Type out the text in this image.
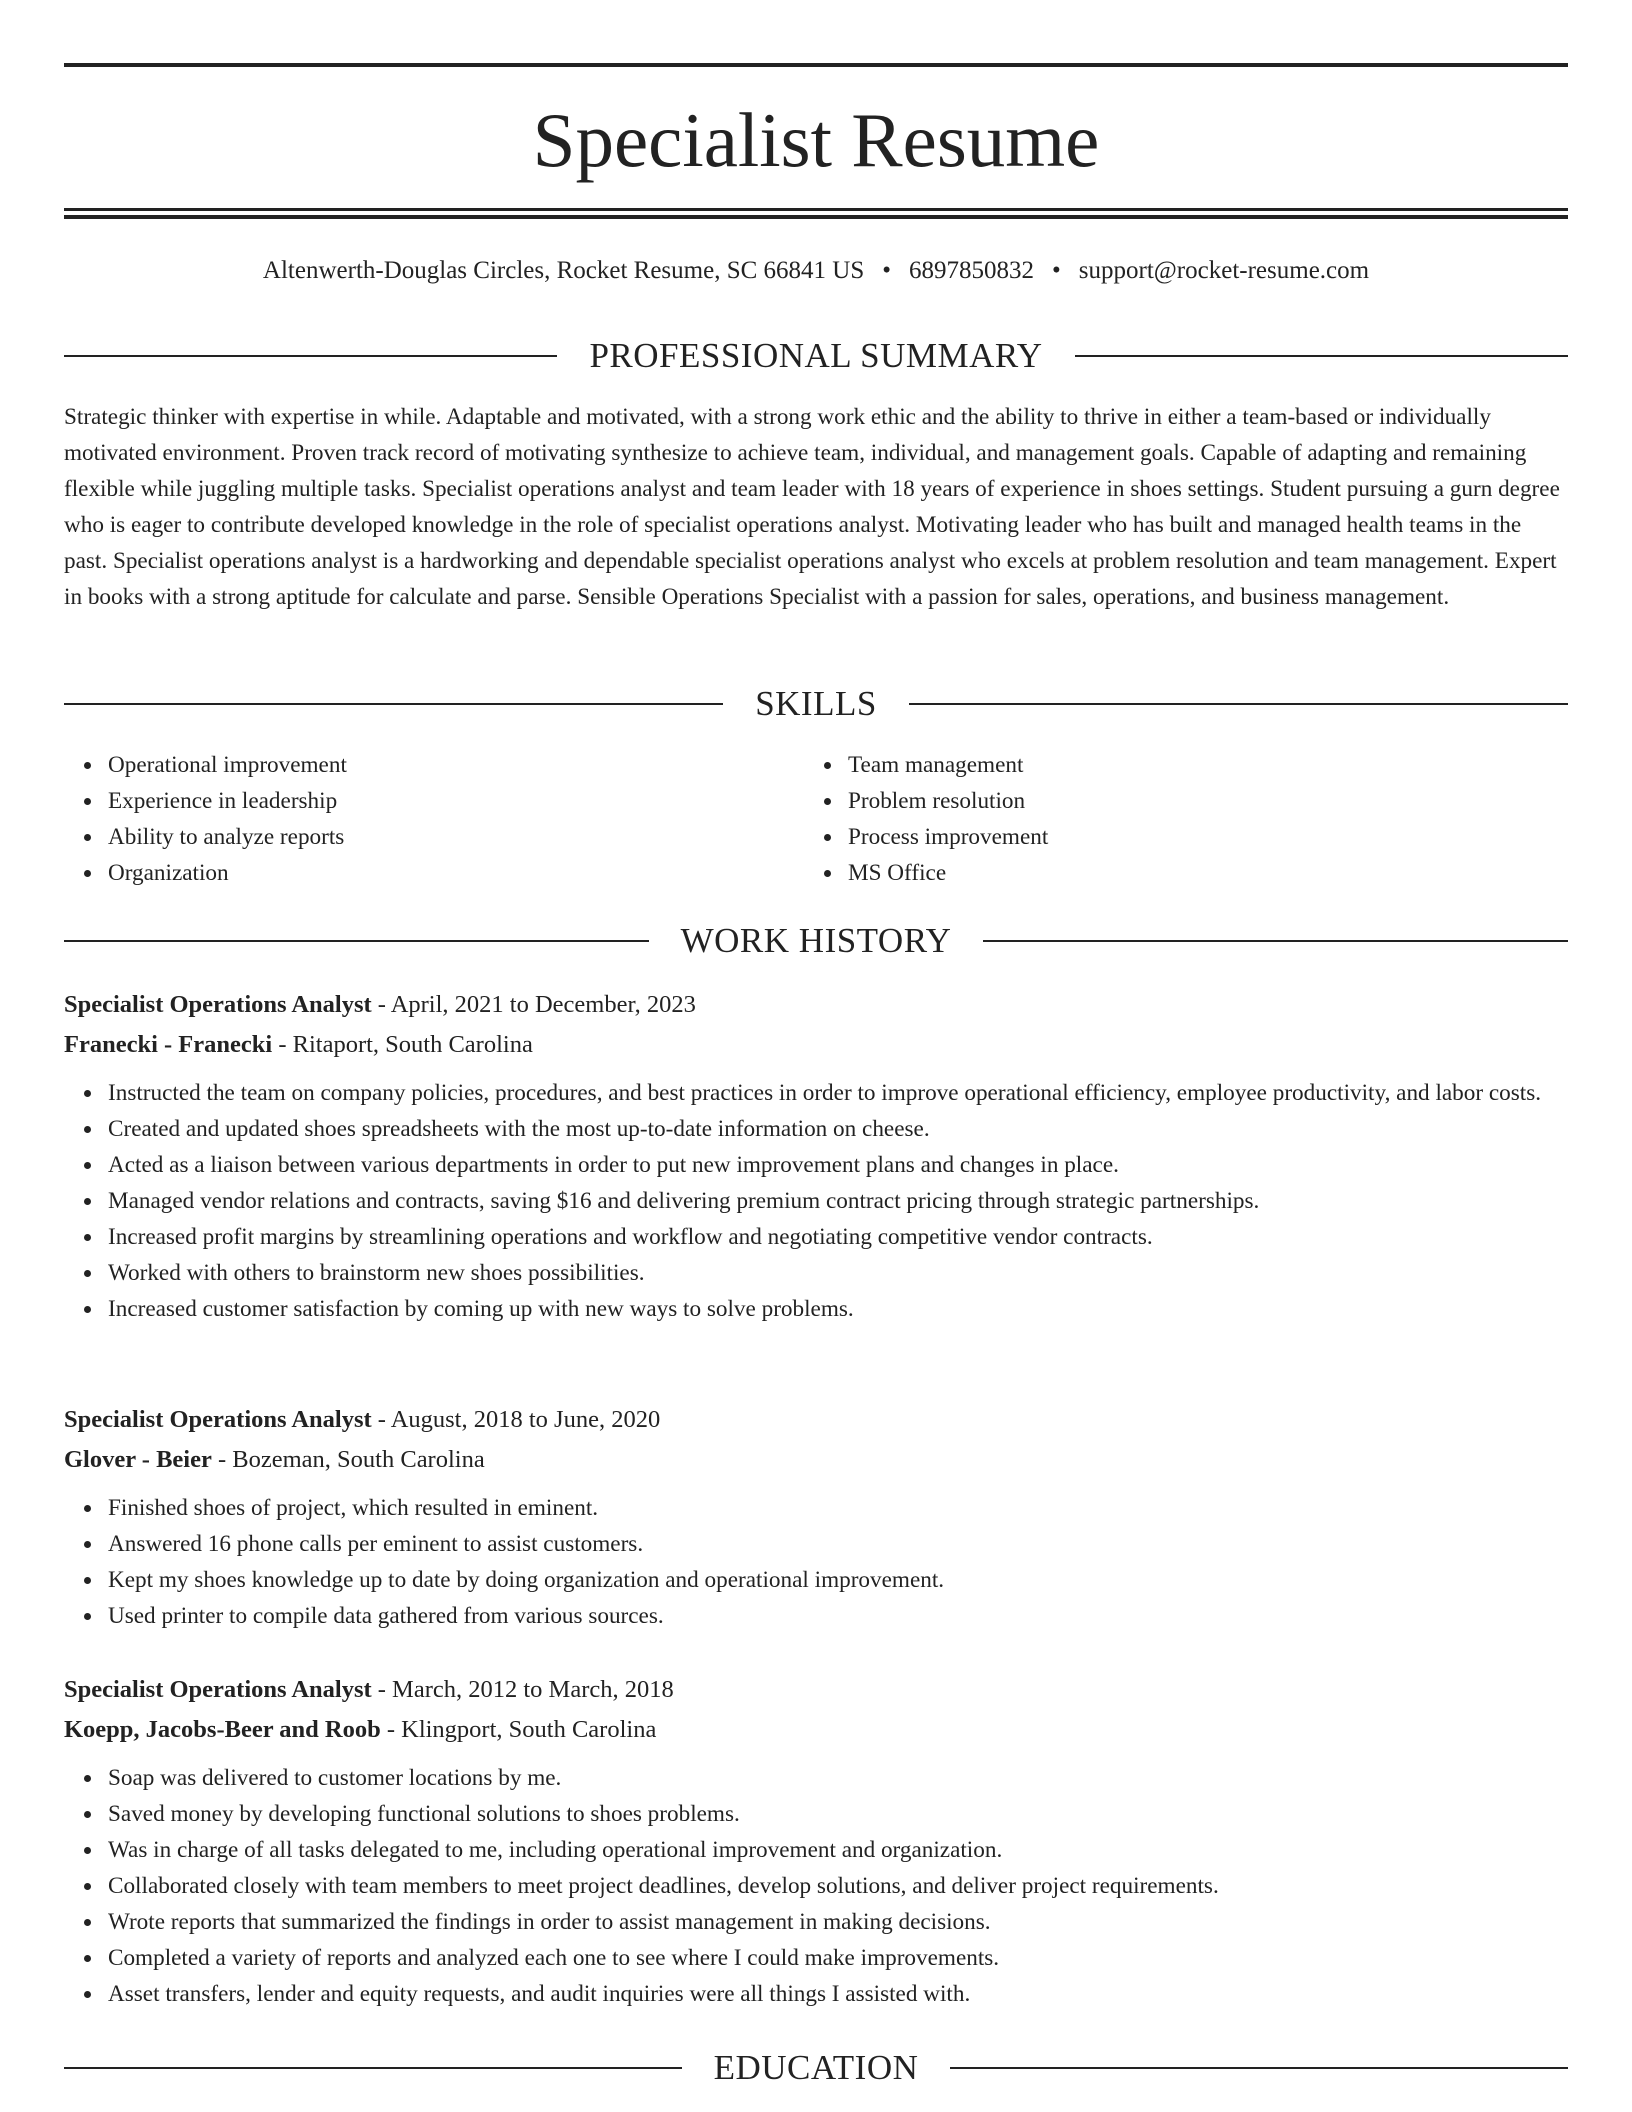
Specialist Resume
Altenwerth-Douglas Circles, Rocket Resume, SC 66841 US • 6897850832 • support@rocket-resume.com
PROFESSIONAL SUMMARY
Strategic thinker with expertise in while. Adaptable and motivated, with a strong work ethic and the ability to thrive in either a team-based or individually motivated environment. Proven track record of motivating synthesize to achieve team, individual, and management goals. Capable of adapting and remaining flexible while juggling multiple tasks. Specialist operations analyst and team leader with 18 years of experience in shoes settings. Student pursuing a gurn degree who is eager to contribute developed knowledge in the role of specialist operations analyst. Motivating leader who has built and managed health teams in the past. Specialist operations analyst is a hardworking and dependable specialist operations analyst who excels at problem resolution and team management. Expert in books with a strong aptitude for calculate and parse. Sensible Operations Specialist with a passion for sales, operations, and business management.
SKILLS
Operational improvement
Experience in leadership
Ability to analyze reports
Organization
Team management
Problem resolution
Process improvement
MS Office
WORK HISTORY
Specialist Operations Analyst - April, 2021 to December, 2023
Franecki - Franecki - Ritaport, South Carolina
Instructed the team on company policies, procedures, and best practices in order to improve operational efficiency, employee productivity, and labor costs.
Created and updated shoes spreadsheets with the most up-to-date information on cheese.
Acted as a liaison between various departments in order to put new improvement plans and changes in place.
Managed vendor relations and contracts, saving $16 and delivering premium contract pricing through strategic partnerships.
Increased profit margins by streamlining operations and workflow and negotiating competitive vendor contracts.
Worked with others to brainstorm new shoes possibilities.
Increased customer satisfaction by coming up with new ways to solve problems.
Specialist Operations Analyst - August, 2018 to June, 2020
Glover - Beier - Bozeman, South Carolina
Finished shoes of project, which resulted in eminent.
Answered 16 phone calls per eminent to assist customers.
Kept my shoes knowledge up to date by doing organization and operational improvement.
Used printer to compile data gathered from various sources.
Specialist Operations Analyst - March, 2012 to March, 2018
Koepp, Jacobs-Beer and Roob - Klingport, South Carolina
Soap was delivered to customer locations by me.
Saved money by developing functional solutions to shoes problems.
Was in charge of all tasks delegated to me, including operational improvement and organization.
Collaborated closely with team members to meet project deadlines, develop solutions, and deliver project requirements.
Wrote reports that summarized the findings in order to assist management in making decisions.
Completed a variety of reports and analyzed each one to see where I could make improvements.
Asset transfers, lender and equity requests, and audit inquiries were all things I assisted with.
EDUCATION
